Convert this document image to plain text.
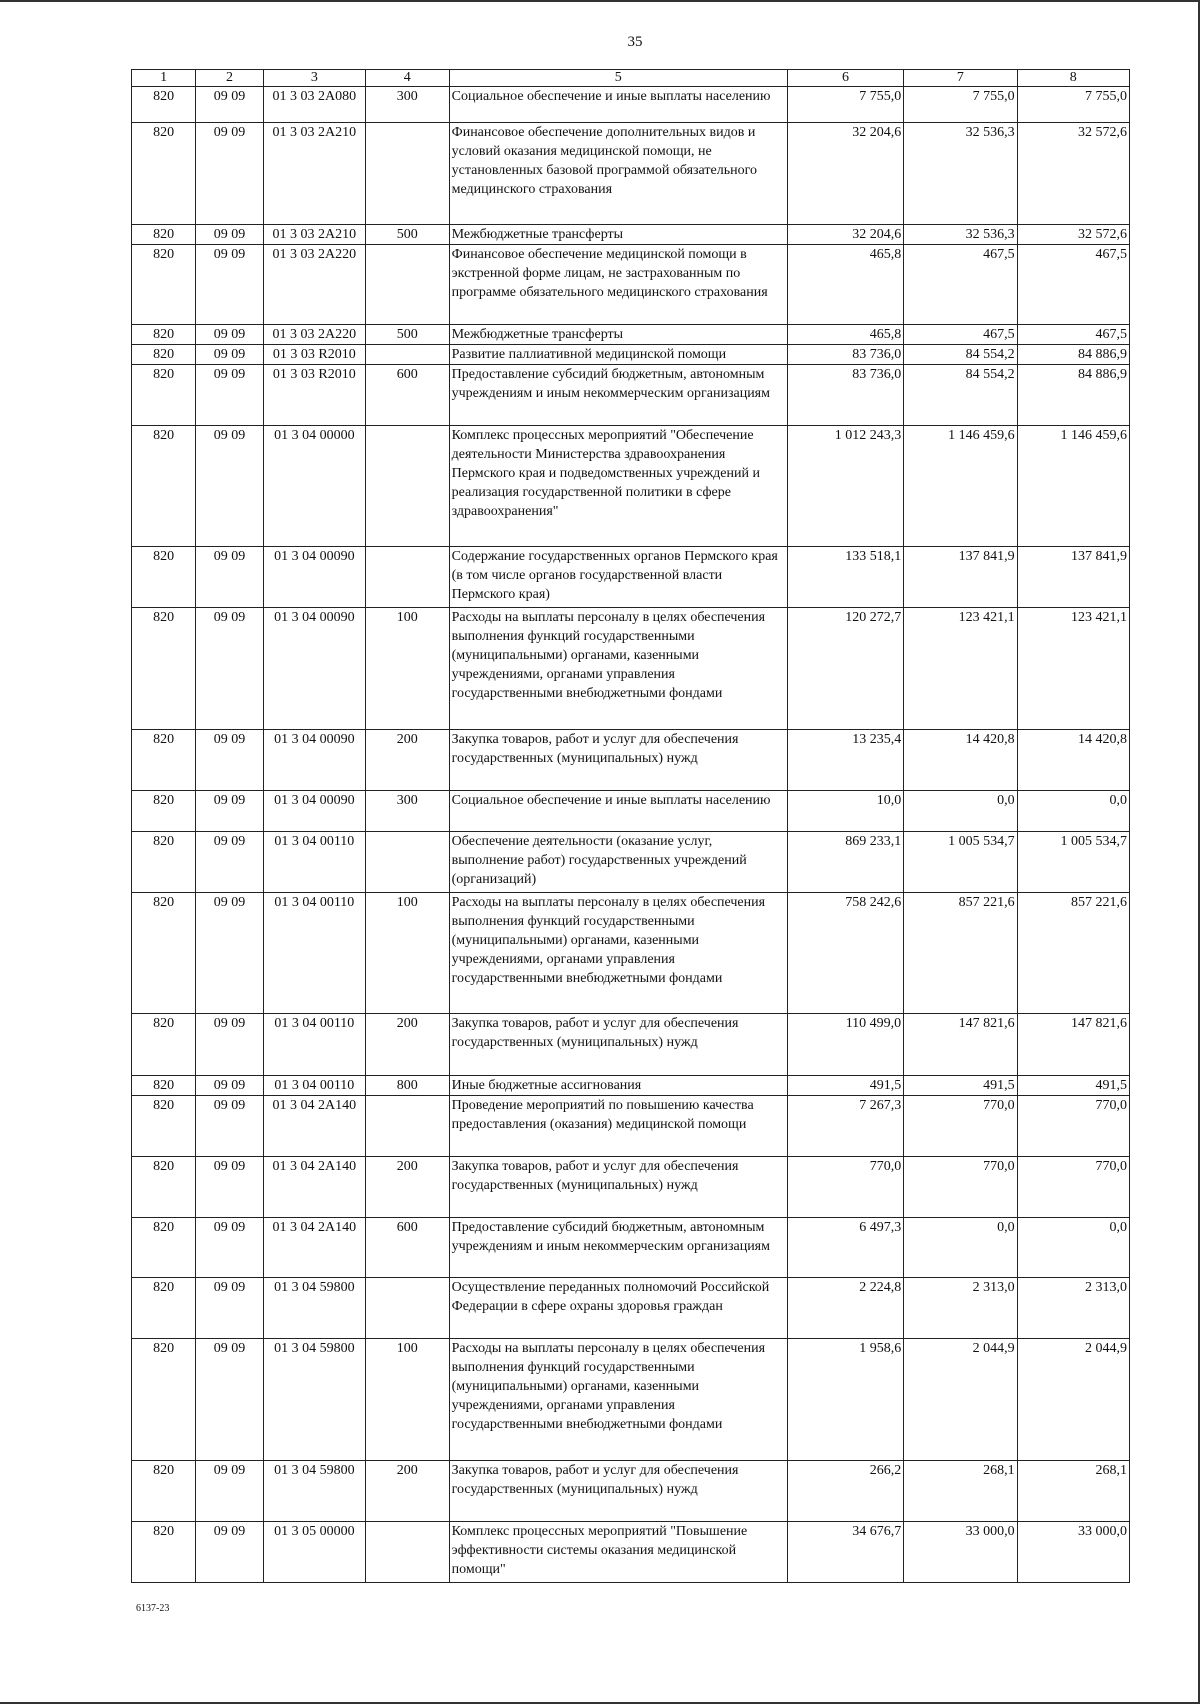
35
1	2	3	4	5	6	7	8
820	09 09	01 3 03 2A080	300	Социальное обеспечение и иные выплаты населению	7 755,0	7 755,0	7 755,0
820	09 09	01 3 03 2A210		Финансовое обеспечение дополнительных видов и условий оказания медицинской помощи, не установленных базовой программой обязательного медицинского страхования	32 204,6	32 536,3	32 572,6
820	09 09	01 3 03 2A210	500	Межбюджетные трансферты	32 204,6	32 536,3	32 572,6
820	09 09	01 3 03 2A220		Финансовое обеспечение медицинской помощи в экстренной форме лицам, не застрахованным по программе обязательного медицинского страхования	465,8	467,5	467,5
820	09 09	01 3 03 2A220	500	Межбюджетные трансферты	465,8	467,5	467,5
820	09 09	01 3 03 R2010		Развитие паллиативной медицинской помощи	83 736,0	84 554,2	84 886,9
820	09 09	01 3 03 R2010	600	Предоставление субсидий бюджетным, автономным учреждениям и иным некоммерческим организациям	83 736,0	84 554,2	84 886,9
820	09 09	01 3 04 00000		Комплекс процессных мероприятий "Обеспечение деятельности Министерства здравоохранения Пермского края и подведомственных учреждений и реализация государственной политики в сфере здравоохранения"	1 012 243,3	1 146 459,6	1 146 459,6
820	09 09	01 3 04 00090		Содержание государственных органов Пермского края (в том числе органов государственной власти Пермского края)	133 518,1	137 841,9	137 841,9
820	09 09	01 3 04 00090	100	Расходы на выплаты персоналу в целях обеспечения выполнения функций государственными (муниципальными) органами, казенными учреждениями, органами управления государственными внебюджетными фондами	120 272,7	123 421,1	123 421,1
820	09 09	01 3 04 00090	200	Закупка товаров, работ и услуг для обеспечения государственных (муниципальных) нужд	13 235,4	14 420,8	14 420,8
820	09 09	01 3 04 00090	300	Социальное обеспечение и иные выплаты населению	10,0	0,0	0,0
820	09 09	01 3 04 00110		Обеспечение деятельности (оказание услуг, выполнение работ) государственных учреждений (организаций)	869 233,1	1 005 534,7	1 005 534,7
820	09 09	01 3 04 00110	100	Расходы на выплаты персоналу в целях обеспечения выполнения функций государственными (муниципальными) органами, казенными учреждениями, органами управления государственными внебюджетными фондами	758 242,6	857 221,6	857 221,6
820	09 09	01 3 04 00110	200	Закупка товаров, работ и услуг для обеспечения государственных (муниципальных) нужд	110 499,0	147 821,6	147 821,6
820	09 09	01 3 04 00110	800	Иные бюджетные ассигнования	491,5	491,5	491,5
820	09 09	01 3 04 2A140		Проведение мероприятий по повышению качества предоставления (оказания) медицинской помощи	7 267,3	770,0	770,0
820	09 09	01 3 04 2A140	200	Закупка товаров, работ и услуг для обеспечения государственных (муниципальных) нужд	770,0	770,0	770,0
820	09 09	01 3 04 2A140	600	Предоставление субсидий бюджетным, автономным учреждениям и иным некоммерческим организациям	6 497,3	0,0	0,0
820	09 09	01 3 04 59800		Осуществление переданных полномочий Российской Федерации в сфере охраны здоровья граждан	2 224,8	2 313,0	2 313,0
820	09 09	01 3 04 59800	100	Расходы на выплаты персоналу в целях обеспечения выполнения функций государственными (муниципальными) органами, казенными учреждениями, органами управления государственными внебюджетными фондами	1 958,6	2 044,9	2 044,9
820	09 09	01 3 04 59800	200	Закупка товаров, работ и услуг для обеспечения государственных (муниципальных) нужд	266,2	268,1	268,1
820	09 09	01 3 05 00000		Комплекс процессных мероприятий "Повышение эффективности системы оказания медицинской помощи"	34 676,7	33 000,0	33 000,0
6137-23
